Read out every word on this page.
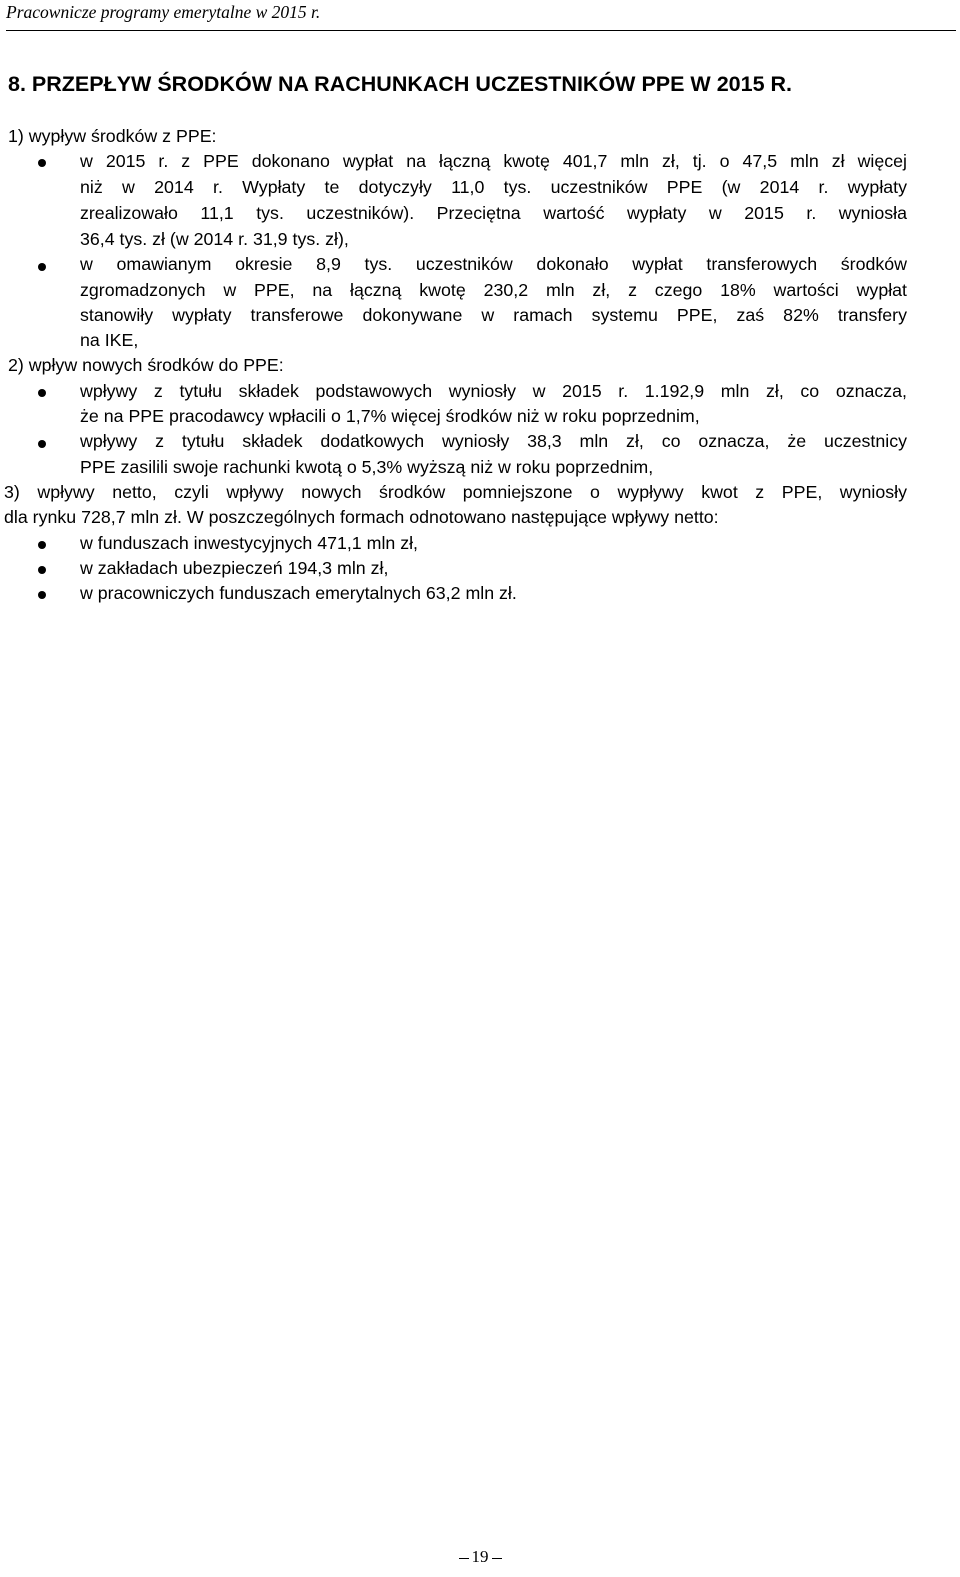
Pracownicze programy emerytalne w 2015 r.
8. PRZEPŁYW ŚRODKÓW NA RACHUNKACH UCZESTNIKÓW PPE W 2015 R.
1) wypływ środków z PPE:
w 2015 r. z PPE dokonano wypłat na łączną kwotę 401,7 mln zł, tj. o 47,5 mln zł więcej
niż w 2014 r. Wypłaty te dotyczyły 11,0 tys. uczestników PPE (w 2014 r. wypłaty
zrealizowało 11,1 tys. uczestników). Przeciętna wartość wypłaty w 2015 r. wyniosła
36,4 tys. zł (w 2014 r. 31,9 tys. zł),
w omawianym okresie 8,9 tys. uczestników dokonało wypłat transferowych środków
zgromadzonych w PPE, na łączną kwotę 230,2 mln zł, z czego 18% wartości wypłat
stanowiły wypłaty transferowe dokonywane w ramach systemu PPE, zaś 82% transfery
na IKE,
2) wpływ nowych środków do PPE:
wpływy z tytułu składek podstawowych wyniosły w 2015 r. 1.192,9 mln zł, co oznacza,
że na PPE pracodawcy wpłacili o 1,7% więcej środków niż w roku poprzednim,
wpływy z tytułu składek dodatkowych wyniosły 38,3 mln zł, co oznacza, że uczestnicy
PPE zasilili swoje rachunki kwotą o 5,3% wyższą niż w roku poprzednim,
3) wpływy netto, czyli wpływy nowych środków pomniejszone o wypływy kwot z PPE, wyniosły
dla rynku 728,7 mln zł. W poszczególnych formach odnotowano następujące wpływy netto:
w funduszach inwestycyjnych 471,1 mln zł,
w zakładach ubezpieczeń 194,3 mln zł,
w pracowniczych funduszach emerytalnych 63,2 mln zł.
19
